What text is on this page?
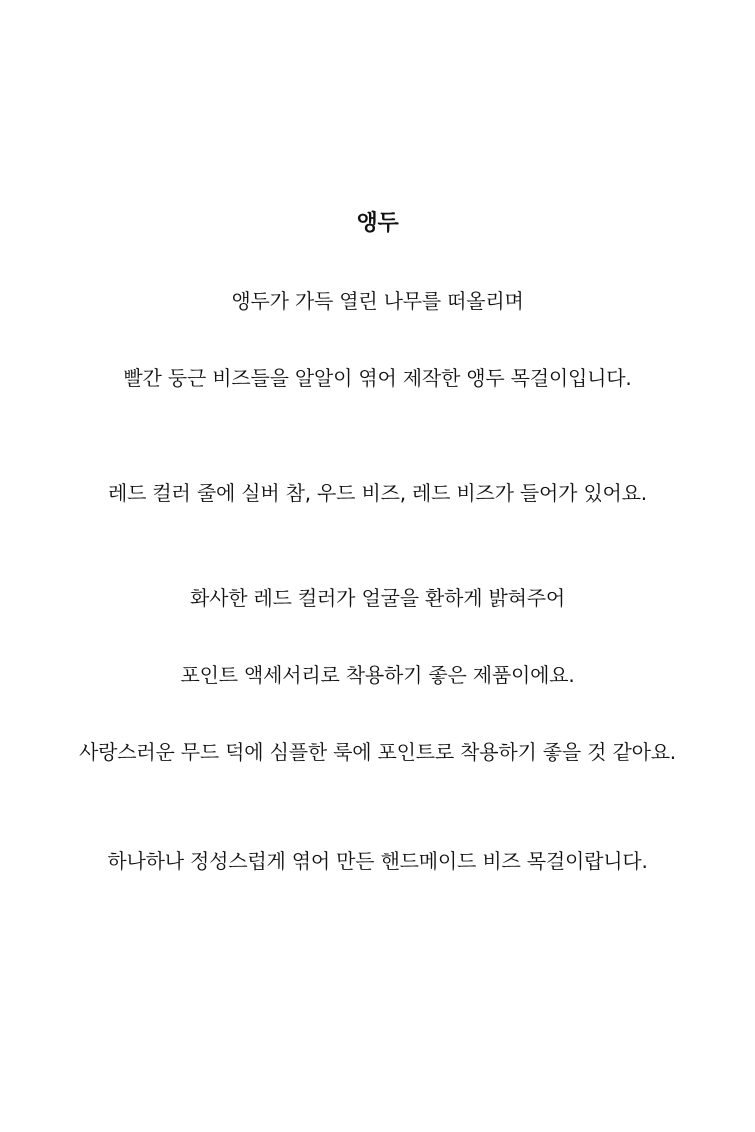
앵두
앵두가 가득 열린 나무를 떠올리며
빨간 둥근 비즈들을 알알이 엮어 제작한 앵두 목걸이입니다.
레드 컬러 줄에 실버 참, 우드 비즈, 레드 비즈가 들어가 있어요.
화사한 레드 컬러가 얼굴을 환하게 밝혀주어
포인트 액세서리로 착용하기 좋은 제품이에요.
사랑스러운 무드 덕에 심플한 룩에 포인트로 착용하기 좋을 것 같아요.
하나하나 정성스럽게 엮어 만든 핸드메이드 비즈 목걸이랍니다.
